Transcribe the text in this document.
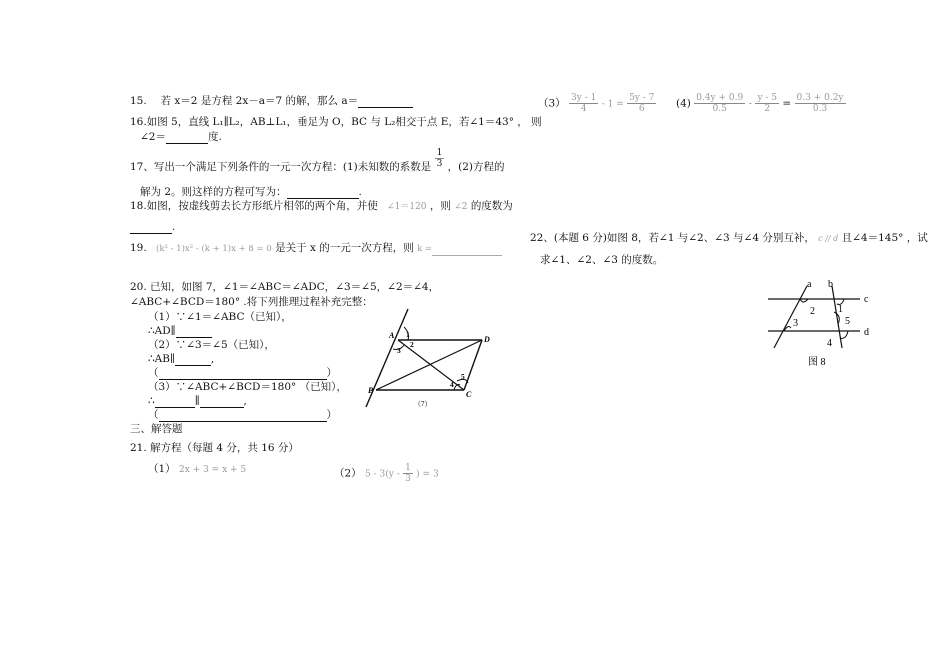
15.　 若 x＝2 是方程 2x－a＝7 的解，那么 a＝
16.如图 5，直线 L₁∥L₂，AB⊥L₁，垂足为 O，BC 与 L₂相交于点 E，若∠1＝43° ， 则
∠2＝	度.
17、写出一个满足下列条件的一元一次方程：(1)未知数的系数是 $\frac{1}{3}$ ，(2)方程的
解为 2。则这样的方程可写为：	.
18.如图，按虚线剪去长方形纸片相邻的两个角，并使 ∠1＝120 ，则 ∠2 的度数为
.
19. (k² - 1)x² - (k + 1)x + 8 = 0 是关于 x 的一元一次方程，则 k =
20. 已知，如图 7，∠1＝∠ABC＝∠ADC，∠3＝∠5，∠2＝∠4，
∠ABC+∠BCD＝180° .将下列推理过程补充完整：
（1）∵∠1＝∠ABC（已知），
∴AD∥
（2）∵∠3＝∠5（已知），
∴AB∥	,
（	）
（3）∵∠ABC+∠BCD＝180° （已知），
∴	∥	,
（	）
三、解答题
21. 解方程（每题 4 分，共 16 分）
（1） 2x + 3 = x + 5	（2） $5 - 3(y - \frac{1}{3}$ ) = 3
A	D
B	C
1
2
3
4
5
（7）
$(3) \frac{3y - 1}{4} - 1 = \frac{5y - 7}{6} (4) \frac{0.4y + 0.9}{0.5} - \frac{y - 5}{2} = \frac{0.3 + 0.2y}{0.3}$
22、(本题 6 分)如图 8，若∠1 与∠2、∠3 与∠4 分别互补， c // d 且∠4＝145° ，试
求∠1、∠2、∠3 的度数。
a b
c
d
1
2
3
4
5
图 8
